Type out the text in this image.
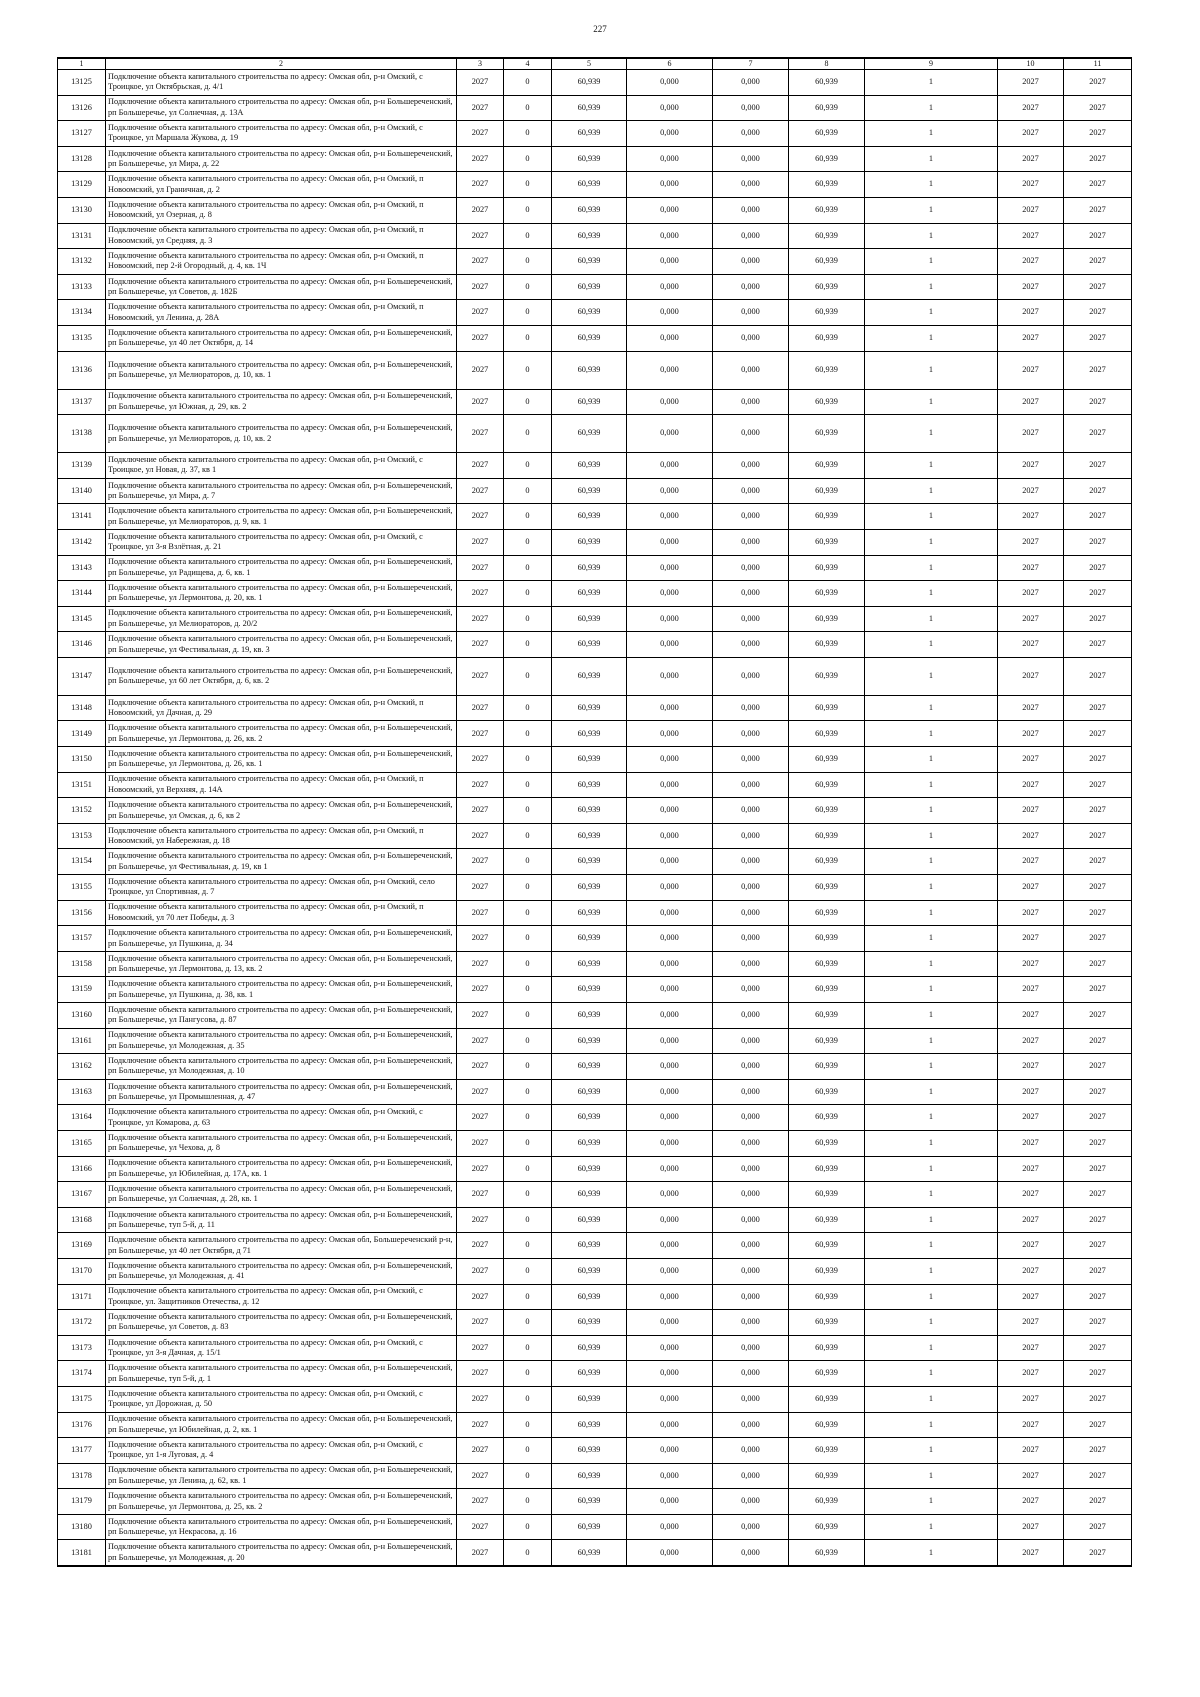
227
1	2	3	4	5	6	7	8	9	10	11
13125	Подключение объекта капитального строительства по адресу: Омская обл, р-н Омский, с Троицкое, ул Октябрьская, д. 4/1	2027	0	60,939	0,000	0,000	60,939	1	2027	2027
13126	Подключение объекта капитального строительства по адресу: Омская обл, р-н Большереченский, рп Большеречье, ул Солнечная, д. 13А	2027	0	60,939	0,000	0,000	60,939	1	2027	2027
13127	Подключение объекта капитального строительства по адресу: Омская обл, р-н Омский, с Троицкое, ул Маршала Жукова, д. 19	2027	0	60,939	0,000	0,000	60,939	1	2027	2027
13128	Подключение объекта капитального строительства по адресу: Омская обл, р-н Большереченский, рп Большеречье, ул Мира, д. 22	2027	0	60,939	0,000	0,000	60,939	1	2027	2027
13129	Подключение объекта капитального строительства по адресу: Омская обл, р-н Омский, п Новоомский, ул Граничная, д. 2	2027	0	60,939	0,000	0,000	60,939	1	2027	2027
13130	Подключение объекта капитального строительства по адресу: Омская обл, р-н Омский, п Новоомский, ул Озерная, д. 8	2027	0	60,939	0,000	0,000	60,939	1	2027	2027
13131	Подключение объекта капитального строительства по адресу: Омская обл, р-н Омский, п Новоомский, ул Средняя, д. 3	2027	0	60,939	0,000	0,000	60,939	1	2027	2027
13132	Подключение объекта капитального строительства по адресу: Омская обл, р-н Омский, п Новоомский, пер 2-й Огородный, д. 4, кв. 1Ч	2027	0	60,939	0,000	0,000	60,939	1	2027	2027
13133	Подключение объекта капитального строительства по адресу: Омская обл, р-н Большереченский, рп Большеречье, ул Советов, д. 182Б	2027	0	60,939	0,000	0,000	60,939	1	2027	2027
13134	Подключение объекта капитального строительства по адресу: Омская обл, р-н Омский, п Новоомский, ул Ленина, д. 28А	2027	0	60,939	0,000	0,000	60,939	1	2027	2027
13135	Подключение объекта капитального строительства по адресу: Омская обл, р-н Большереченский, рп Большеречье, ул 40 лет Октября, д. 14	2027	0	60,939	0,000	0,000	60,939	1	2027	2027
13136	Подключение объекта капитального строительства по адресу: Омская обл, р-н Большереченский, рп Большеречье, ул Мелиораторов, д. 10, кв. 1	2027	0	60,939	0,000	0,000	60,939	1	2027	2027
13137	Подключение объекта капитального строительства по адресу: Омская обл, р-н Большереченский, рп Большеречье, ул Южная, д. 29, кв. 2	2027	0	60,939	0,000	0,000	60,939	1	2027	2027
13138	Подключение объекта капитального строительства по адресу: Омская обл, р-н Большереченский, рп Большеречье, ул Мелиораторов, д. 10, кв. 2	2027	0	60,939	0,000	0,000	60,939	1	2027	2027
13139	Подключение объекта капитального строительства по адресу: Омская обл, р-н Омский, с Троицкое, ул Новая, д. 37, кв 1	2027	0	60,939	0,000	0,000	60,939	1	2027	2027
13140	Подключение объекта капитального строительства по адресу: Омская обл, р-н Большереченский, рп Большеречье, ул Мира, д. 7	2027	0	60,939	0,000	0,000	60,939	1	2027	2027
13141	Подключение объекта капитального строительства по адресу: Омская обл, р-н Большереченский, рп Большеречье, ул Мелиораторов, д. 9, кв. 1	2027	0	60,939	0,000	0,000	60,939	1	2027	2027
13142	Подключение объекта капитального строительства по адресу: Омская обл, р-н Омский, с Троицкое, ул 3-я Взлётная, д. 21	2027	0	60,939	0,000	0,000	60,939	1	2027	2027
13143	Подключение объекта капитального строительства по адресу: Омская обл, р-н Большереченский, рп Большеречье, ул Радищева, д. 6, кв. 1	2027	0	60,939	0,000	0,000	60,939	1	2027	2027
13144	Подключение объекта капитального строительства по адресу: Омская обл, р-н Большереченский, рп Большеречье, ул Лермонтова, д. 20, кв. 1	2027	0	60,939	0,000	0,000	60,939	1	2027	2027
13145	Подключение объекта капитального строительства по адресу: Омская обл, р-н Большереченский, рп Большеречье, ул Мелиораторов, д. 20/2	2027	0	60,939	0,000	0,000	60,939	1	2027	2027
13146	Подключение объекта капитального строительства по адресу: Омская обл, р-н Большереченский, рп Большеречье, ул Фестивальная, д. 19, кв. 3	2027	0	60,939	0,000	0,000	60,939	1	2027	2027
13147	Подключение объекта капитального строительства по адресу: Омская обл, р-н Большереченский, рп Большеречье, ул 60 лет Октября, д. 6, кв. 2	2027	0	60,939	0,000	0,000	60,939	1	2027	2027
13148	Подключение объекта капитального строительства по адресу: Омская обл, р-н Омский, п Новоомский, ул Дачная, д. 29	2027	0	60,939	0,000	0,000	60,939	1	2027	2027
13149	Подключение объекта капитального строительства по адресу: Омская обл, р-н Большереченский, рп Большеречье, ул Лермонтова, д. 26, кв. 2	2027	0	60,939	0,000	0,000	60,939	1	2027	2027
13150	Подключение объекта капитального строительства по адресу: Омская обл, р-н Большереченский, рп Большеречье, ул Лермонтова, д. 26, кв. 1	2027	0	60,939	0,000	0,000	60,939	1	2027	2027
13151	Подключение объекта капитального строительства по адресу: Омская обл, р-н Омский, п Новоомский, ул Верхняя, д. 14А	2027	0	60,939	0,000	0,000	60,939	1	2027	2027
13152	Подключение объекта капитального строительства по адресу: Омская обл, р-н Большереченский, рп Большеречье, ул Омская, д. 6, кв 2	2027	0	60,939	0,000	0,000	60,939	1	2027	2027
13153	Подключение объекта капитального строительства по адресу: Омская обл, р-н Омский, п Новоомский, ул Набережная, д. 18	2027	0	60,939	0,000	0,000	60,939	1	2027	2027
13154	Подключение объекта капитального строительства по адресу: Омская обл, р-н Большереченский, рп Большеречье, ул Фестивальная, д. 19, кв 1	2027	0	60,939	0,000	0,000	60,939	1	2027	2027
13155	Подключение объекта капитального строительства по адресу: Омская обл, р-н Омский, село Троицкое, ул Спортивная, д. 7	2027	0	60,939	0,000	0,000	60,939	1	2027	2027
13156	Подключение объекта капитального строительства по адресу: Омская обл, р-н Омский, п Новоомский, ул 70 лет Победы, д. 3	2027	0	60,939	0,000	0,000	60,939	1	2027	2027
13157	Подключение объекта капитального строительства по адресу: Омская обл, р-н Большереченский, рп Большеречье, ул Пушкина, д. 34	2027	0	60,939	0,000	0,000	60,939	1	2027	2027
13158	Подключение объекта капитального строительства по адресу: Омская обл, р-н Большереченский, рп Большеречье, ул Лермонтова, д. 13, кв. 2	2027	0	60,939	0,000	0,000	60,939	1	2027	2027
13159	Подключение объекта капитального строительства по адресу: Омская обл, р-н Большереченский, рп Большеречье, ул Пушкина, д. 38, кв. 1	2027	0	60,939	0,000	0,000	60,939	1	2027	2027
13160	Подключение объекта капитального строительства по адресу: Омская обл, р-н Большереченский, рп Большеречье, ул Пангусова, д. 87	2027	0	60,939	0,000	0,000	60,939	1	2027	2027
13161	Подключение объекта капитального строительства по адресу: Омская обл, р-н Большереченский, рп Большеречье, ул Молодежная, д. 35	2027	0	60,939	0,000	0,000	60,939	1	2027	2027
13162	Подключение объекта капитального строительства по адресу: Омская обл, р-н Большереченский, рп Большеречье, ул Молодежная, д. 10	2027	0	60,939	0,000	0,000	60,939	1	2027	2027
13163	Подключение объекта капитального строительства по адресу: Омская обл, р-н Большереченский, рп Большеречье, ул Промышленная, д. 47	2027	0	60,939	0,000	0,000	60,939	1	2027	2027
13164	Подключение объекта капитального строительства по адресу: Омская обл, р-н Омский, с Троицкое, ул Комарова, д. 63	2027	0	60,939	0,000	0,000	60,939	1	2027	2027
13165	Подключение объекта капитального строительства по адресу: Омская обл, р-н Большереченский, рп Большеречье, ул Чехова, д. 8	2027	0	60,939	0,000	0,000	60,939	1	2027	2027
13166	Подключение объекта капитального строительства по адресу: Омская обл, р-н Большереченский, рп Большеречье, ул Юбилейная, д. 17А, кв. 1	2027	0	60,939	0,000	0,000	60,939	1	2027	2027
13167	Подключение объекта капитального строительства по адресу: Омская обл, р-н Большереченский, рп Большеречье, ул Солнечная, д. 28, кв. 1	2027	0	60,939	0,000	0,000	60,939	1	2027	2027
13168	Подключение объекта капитального строительства по адресу: Омская обл, р-н Большереченский, рп Большеречье, туп 5-й, д. 11	2027	0	60,939	0,000	0,000	60,939	1	2027	2027
13169	Подключение объекта капитального строительства по адресу: Омская обл, Большереченский р-н, рп Большеречье, ул 40 лет Октября, д 71	2027	0	60,939	0,000	0,000	60,939	1	2027	2027
13170	Подключение объекта капитального строительства по адресу: Омская обл, р-н Большереченский, рп Большеречье, ул Молодежная, д. 41	2027	0	60,939	0,000	0,000	60,939	1	2027	2027
13171	Подключение объекта капитального строительства по адресу: Омская обл, р-н Омский, с Троицкое, ул. Защитников Отечества, д. 12	2027	0	60,939	0,000	0,000	60,939	1	2027	2027
13172	Подключение объекта капитального строительства по адресу: Омская обл, р-н Большереченский, рп Большеречье, ул Советов, д. 83	2027	0	60,939	0,000	0,000	60,939	1	2027	2027
13173	Подключение объекта капитального строительства по адресу: Омская обл, р-н Омский, с Троицкое, ул 3-я Дачная, д. 15/1	2027	0	60,939	0,000	0,000	60,939	1	2027	2027
13174	Подключение объекта капитального строительства по адресу: Омская обл, р-н Большереченский, рп Большеречье, туп 5-й, д. 1	2027	0	60,939	0,000	0,000	60,939	1	2027	2027
13175	Подключение объекта капитального строительства по адресу: Омская обл, р-н Омский, с Троицкое, ул Дорожная, д. 50	2027	0	60,939	0,000	0,000	60,939	1	2027	2027
13176	Подключение объекта капитального строительства по адресу: Омская обл, р-н Большереченский, рп Большеречье, ул Юбилейная, д. 2, кв. 1	2027	0	60,939	0,000	0,000	60,939	1	2027	2027
13177	Подключение объекта капитального строительства по адресу: Омская обл, р-н Омский, с Троицкое, ул 1-я Луговая, д. 4	2027	0	60,939	0,000	0,000	60,939	1	2027	2027
13178	Подключение объекта капитального строительства по адресу: Омская обл, р-н Большереченский, рп Большеречье, ул Ленина, д. 62, кв. 1	2027	0	60,939	0,000	0,000	60,939	1	2027	2027
13179	Подключение объекта капитального строительства по адресу: Омская обл, р-н Большереченский, рп Большеречье, ул Лермонтова, д. 25, кв. 2	2027	0	60,939	0,000	0,000	60,939	1	2027	2027
13180	Подключение объекта капитального строительства по адресу: Омская обл, р-н Большереченский, рп Большеречье, ул Некрасова, д. 16	2027	0	60,939	0,000	0,000	60,939	1	2027	2027
13181	Подключение объекта капитального строительства по адресу: Омская обл, р-н Большереченский, рп Большеречье, ул Молодежная, д. 20	2027	0	60,939	0,000	0,000	60,939	1	2027	2027
